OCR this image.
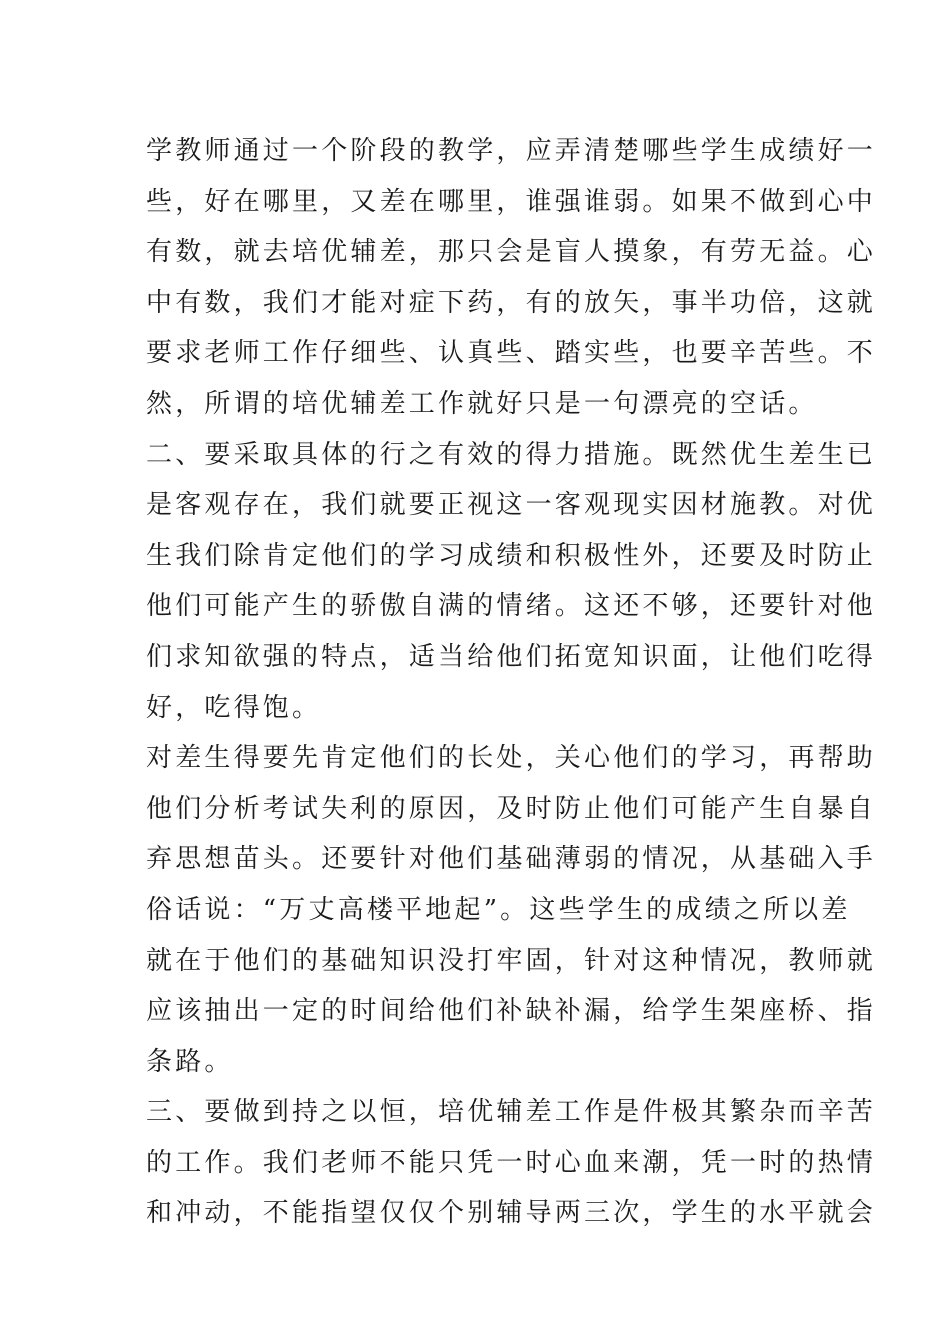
学教师通过一个阶段的教学，应弄清楚哪些学生成绩好一
些，好在哪里，又差在哪里，谁强谁弱。如果不做到心中
有数，就去培优辅差，那只会是盲人摸象，有劳无益。心
中有数，我们才能对症下药，有的放矢，事半功倍，这就
要求老师工作仔细些、认真些、踏实些，也要辛苦些。不
然，所谓的培优辅差工作就好只是一句漂亮的空话。
二、要采取具体的行之有效的得力措施。既然优生差生已
是客观存在，我们就要正视这一客观现实因材施教。对优
生我们除肯定他们的学习成绩和积极性外，还要及时防止
他们可能产生的骄傲自满的情绪。这还不够，还要针对他
们求知欲强的特点，适当给他们拓宽知识面，让他们吃得
好，吃得饱。
对差生得要先肯定他们的长处，关心他们的学习，再帮助
他们分析考试失利的原因，及时防止他们可能产生自暴自
弃思想苗头。还要针对他们基础薄弱的情况，从基础入手
俗话说：“万丈高楼平地起”。这些学生的成绩之所以差
就在于他们的基础知识没打牢固，针对这种情况，教师就
应该抽出一定的时间给他们补缺补漏，给学生架座桥、指
条路。
三、要做到持之以恒，培优辅差工作是件极其繁杂而辛苦
的工作。我们老师不能只凭一时心血来潮，凭一时的热情
和冲动，不能指望仅仅个别辅导两三次，学生的水平就会
